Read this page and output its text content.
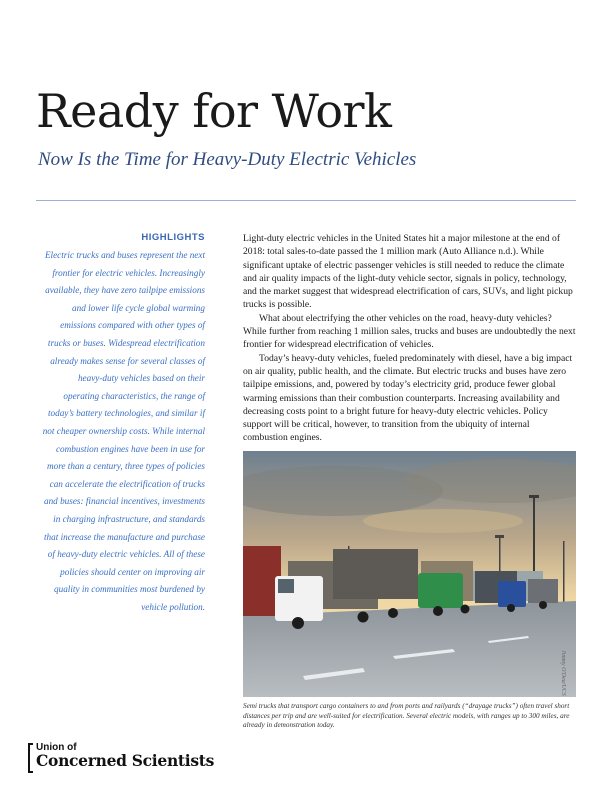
Ready for Work
Now Is the Time for Heavy-Duty Electric Vehicles
HIGHLIGHTS
Electric trucks and buses represent the next frontier for electric vehicles. Increasingly available, they have zero tailpipe emissions and lower life cycle global warming emissions compared with other types of trucks or buses. Widespread electrification already makes sense for several classes of heavy-duty vehicles based on their operating characteristics, the range of today’s battery technologies, and similar if not cheaper ownership costs. While internal combustion engines have been in use for more than a century, three types of policies can accelerate the electrification of trucks and buses: financial incentives, investments in charging infrastructure, and standards that increase the manufacture and purchase of heavy-duty electric vehicles. All of these policies should center on improving air quality in communities most burdened by vehicle pollution.

Light-duty electric vehicles in the United States hit a major milestone at the end of 2018: total sales-to-date passed the 1 million mark (Auto Alliance n.d.). While significant uptake of electric passenger vehicles is still needed to reduce the climate and air quality impacts of the light-duty vehicle sector, signals in policy, technology, and the market suggest that widespread electrification of cars, SUVs, and light pickup trucks is possible.

What about electrifying the other vehicles on the road, heavy-duty vehicles? While further from reaching 1 million sales, trucks and buses are undoubtedly the next frontier for widespread electrification of vehicles.

Today’s heavy-duty vehicles, fueled predominately with diesel, have a big impact on air quality, public health, and the climate. But electric trucks and buses have zero tailpipe emissions, and, powered by today’s electricity grid, produce fewer global warming emissions than their combustion counterparts. Increasing availability and decreasing costs point to a bright future for heavy-duty electric vehicles. Policy support will be critical, however, to transition from the ubiquity of internal combustion engines.

Jimmy O'Dea/UCS
Semi trucks that transport cargo containers to and from ports and railyards (“drayage trucks”) often travel short distances per trip and are well-suited for electrification. Several electric models, with ranges up to 300 miles, are already in demonstration today.
Union of
Concerned Scientists
